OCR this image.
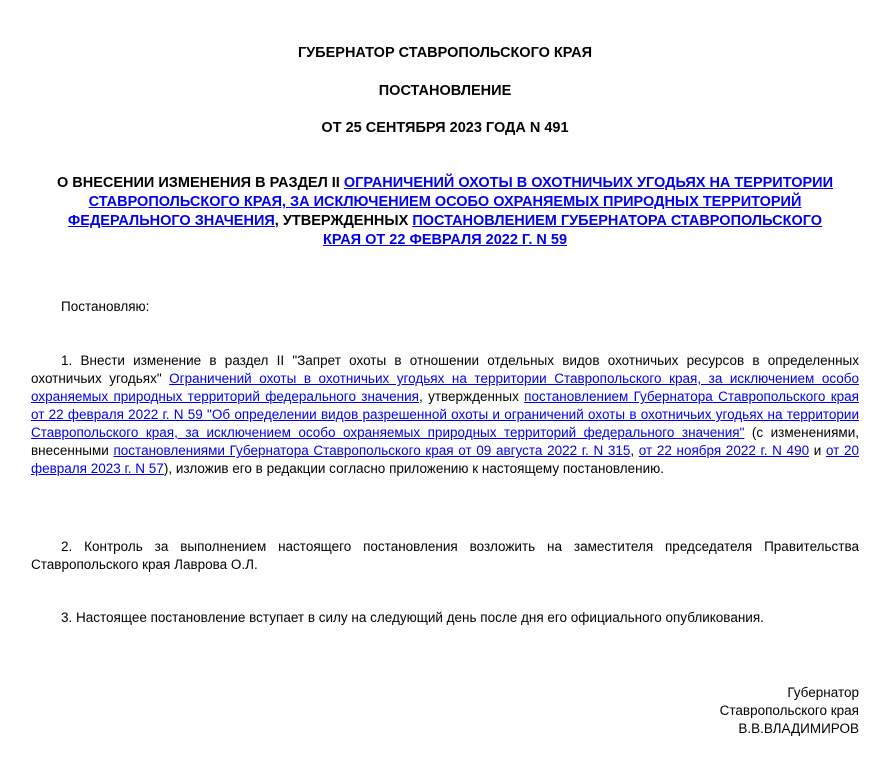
ГУБЕРНАТОР СТАВРОПОЛЬСКОГО КРАЯ

ПОСТАНОВЛЕНИЕ

ОТ 25 СЕНТЯБРЯ 2023 ГОДА N 491

О ВНЕСЕНИИ ИЗМЕНЕНИЯ В РАЗДЕЛ II ОГРАНИЧЕНИЙ ОХОТЫ В ОХОТНИЧЬИХ УГОДЬЯХ НА ТЕРРИТОРИИ СТАВРОПОЛЬСКОГО КРАЯ, ЗА ИСКЛЮЧЕНИЕМ ОСОБО ОХРАНЯЕМЫХ ПРИРОДНЫХ ТЕРРИТОРИЙ ФЕДЕРАЛЬНОГО ЗНАЧЕНИЯ, УТВЕРЖДЕННЫХ ПОСТАНОВЛЕНИЕМ ГУБЕРНАТОРА СТАВРОПОЛЬСКОГО КРАЯ ОТ 22 ФЕВРАЛЯ 2022 Г. N 59

Постановляю:

1. Внести изменение в раздел II "Запрет охоты в отношении отдельных видов охотничьих ресурсов в определенных охотничьих угодьях" Ограничений охоты в охотничьих угодьях на территории Ставропольского края, за исключением особо охраняемых природных территорий федерального значения, утвержденных постановлением Губернатора Ставропольского края от 22 февраля 2022 г. N 59 "Об определении видов разрешенной охоты и ограничений охоты в охотничьих угодьях на территории Ставропольского края, за исключением особо охраняемых природных территорий федерального значения" (с изменениями, внесенными постановлениями Губернатора Ставропольского края от 09 августа 2022 г. N 315, от 22 ноября 2022 г. N 490 и от 20 февраля 2023 г. N 57), изложив его в редакции согласно приложению к настоящему постановлению.

2. Контроль за выполнением настоящего постановления возложить на заместителя председателя Правительства Ставропольского края Лаврова О.Л.

3. Настоящее постановление вступает в силу на следующий день после дня его официального опубликования.

Губернатор
Ставропольского края
В.В.ВЛАДИМИРОВ
